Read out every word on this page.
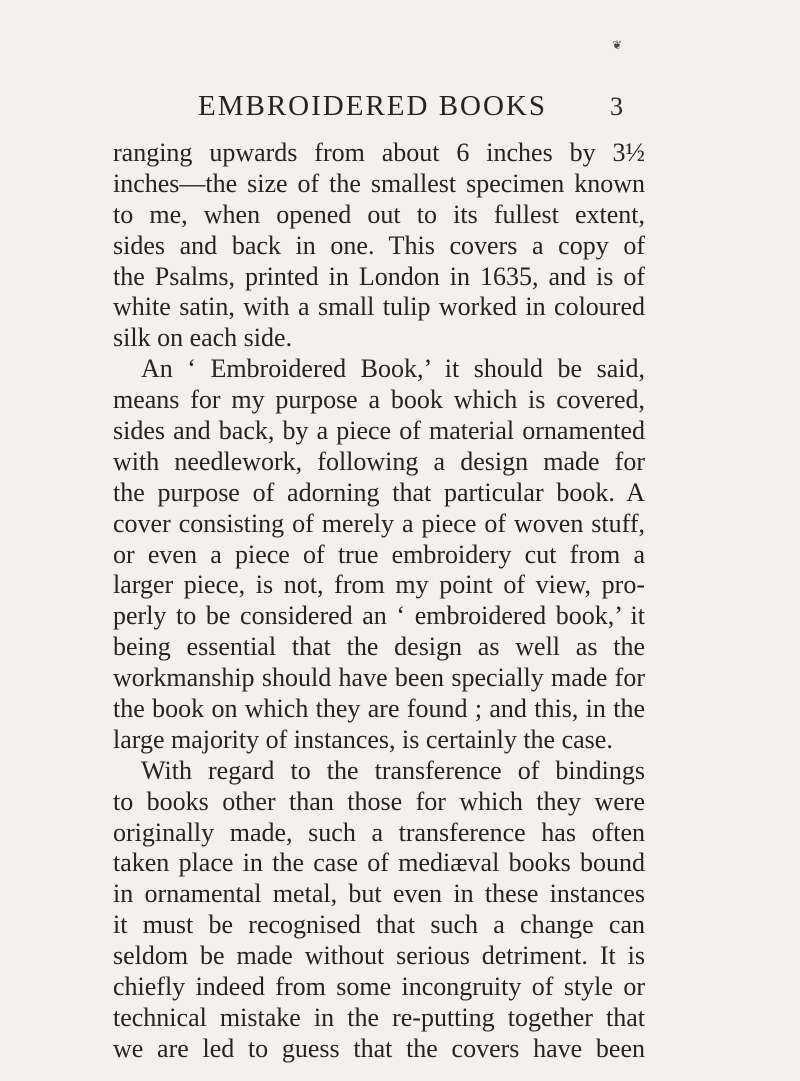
❦
EMBROIDERED BOOKS 3
ranging upwards from about 6 inches by 3½
inches—the size of the smallest specimen known
to me, when opened out to its fullest extent,
sides and back in one. This covers a copy of
the Psalms, printed in London in 1635, and is of
white satin, with a small tulip worked in coloured
silk on each side.
An ‘ Embroidered Book,’ it should be said,
means for my purpose a book which is covered,
sides and back, by a piece of material ornamented
with needlework, following a design made for
the purpose of adorning that particular book. A
cover consisting of merely a piece of woven stuff,
or even a piece of true embroidery cut from a
larger piece, is not, from my point of view, pro-
perly to be considered an ‘ embroidered book,’ it
being essential that the design as well as the
workmanship should have been specially made for
the book on which they are found ; and this, in the
large majority of instances, is certainly the case.
With regard to the transference of bindings
to books other than those for which they were
originally made, such a transference has often
taken place in the case of mediæval books bound
in ornamental metal, but even in these instances
it must be recognised that such a change can
seldom be made without serious detriment. It is
chiefly indeed from some incongruity of style or
technical mistake in the re-putting together that
we are led to guess that the covers have been
